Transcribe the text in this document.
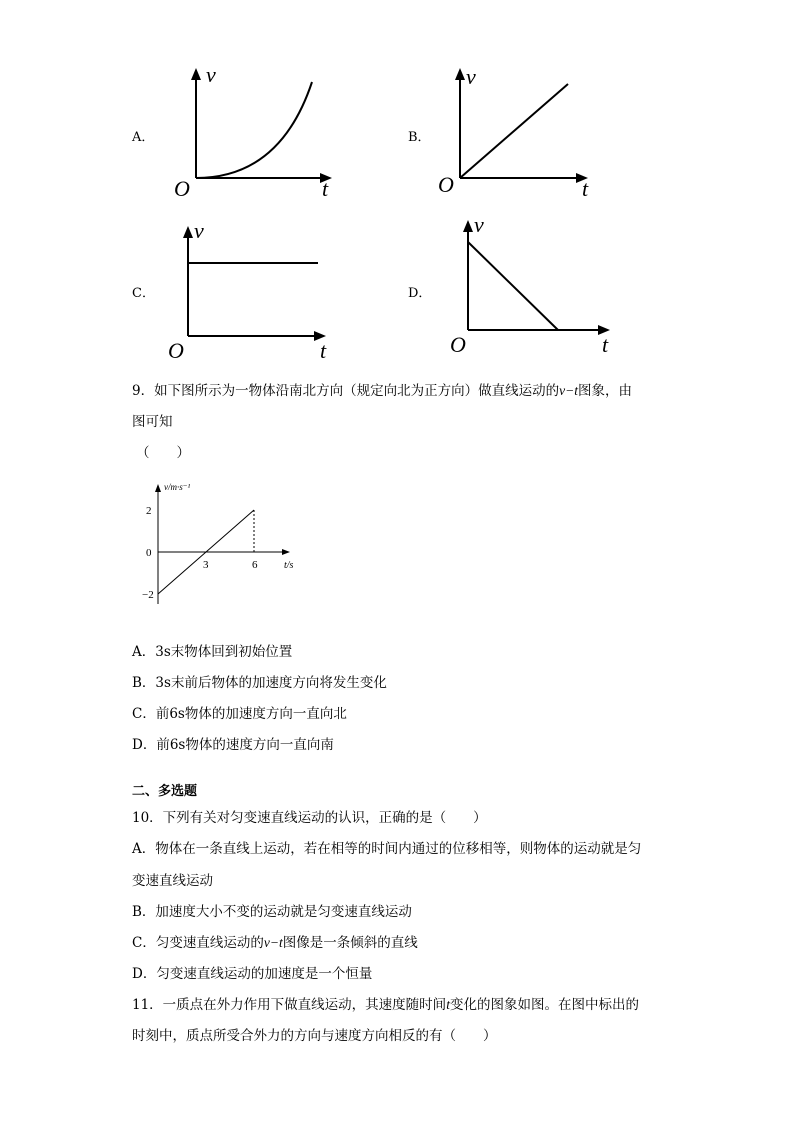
A．
v
O	t
B．
v
O	t
C．
v
O	t
D．
v
O	t
9．如下图所示为一物体沿南北方向（规定向北为正方向）做直线运动的v−t图象，由
图可知
（　　）
v/m·s⁻¹
t/s
2
0
−2
3	6
A．3s末物体回到初始位置
B．3s末前后物体的加速度方向将发生变化
C．前6s物体的加速度方向一直向北
D．前6s物体的速度方向一直向南
二、多选题
10．下列有关对匀变速直线运动的认识，正确的是（　　）
A．物体在一条直线上运动，若在相等的时间内通过的位移相等，则物体的运动就是匀
变速直线运动
B．加速度大小不变的运动就是匀变速直线运动
C．匀变速直线运动的v−t图像是一条倾斜的直线
D．匀变速直线运动的加速度是一个恒量
11．一质点在外力作用下做直线运动，其速度随时间t变化的图象如图。在图中标出的
时刻中，质点所受合外力的方向与速度方向相反的有（　　）
